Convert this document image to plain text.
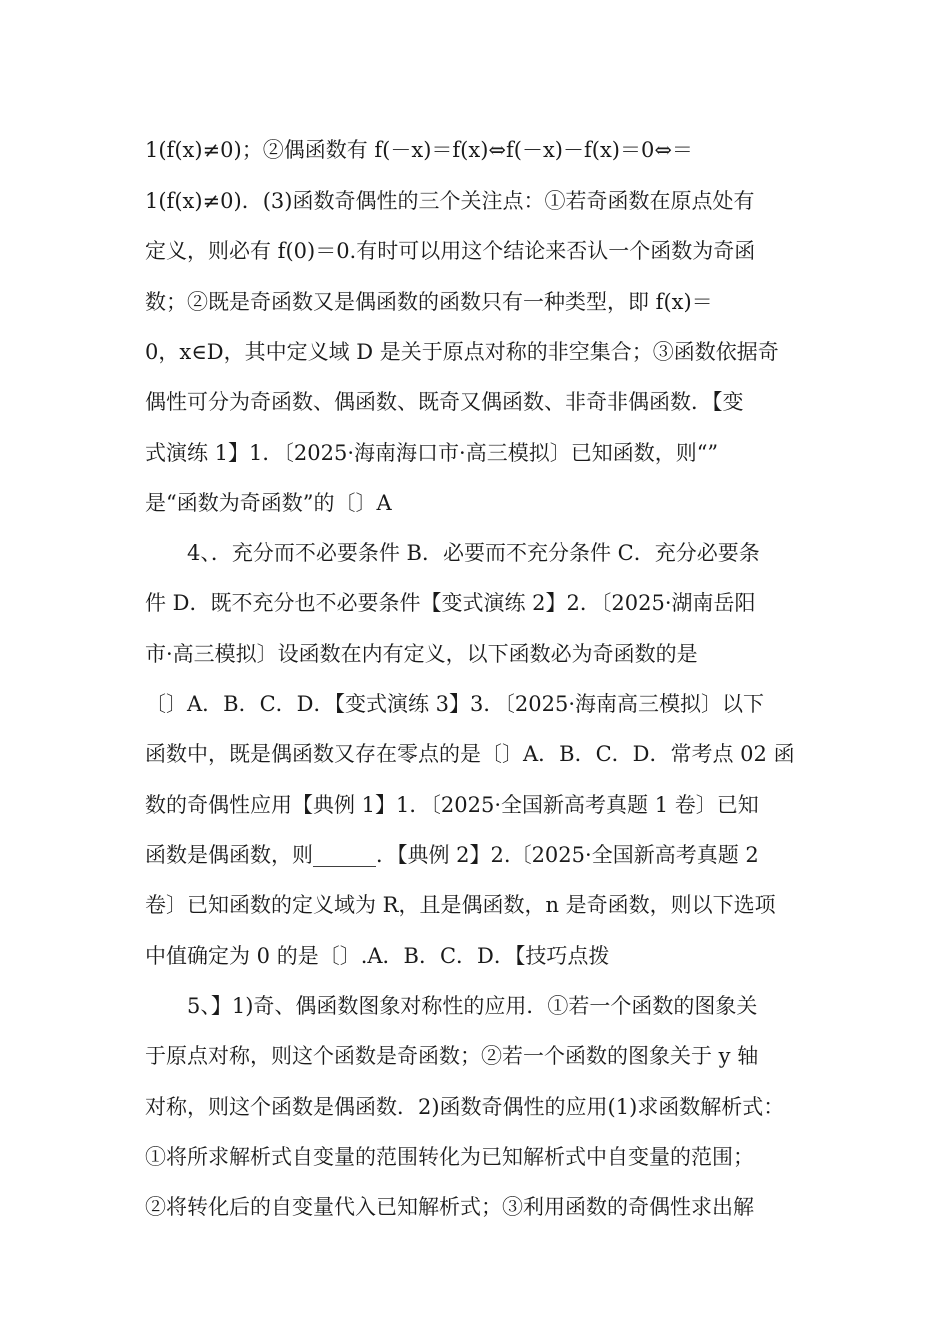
1(f(x)≠0)；②偶函数有 f(－x)＝f(x)⇔f(－x)－f(x)＝0⇔＝
1(f(x)≠0)．(3)函数奇偶性的三个关注点：①若奇函数在原点处有
定义，则必有 f(0)＝0.有时可以用这个结论来否认一个函数为奇函
数；②既是奇函数又是偶函数的函数只有一种类型，即 f(x)＝
0，x∈D，其中定义域 D 是关于原点对称的非空集合；③函数依据奇
偶性可分为奇函数、偶函数、既奇又偶函数、非奇非偶函数．【变
式演练 1】1．〔2025·海南海口市·高三模拟〕已知函数，则“”
是“函数为奇函数”的〔〕A
4、．充分而不必要条件 B．必要而不充分条件 C．充分必要条
件 D．既不充分也不必要条件【变式演练 2】2．〔2025·湖南岳阳
市·高三模拟〕设函数在内有定义，以下函数必为奇函数的是
〔〕A．B．C．D．【变式演练 3】3．〔2025·海南高三模拟〕以下
函数中，既是偶函数又存在零点的是〔〕A．B．C．D．常考点 02 函
数的奇偶性应用【典例 1】1．〔2025·全国新高考真题 1 卷〕已知
函数是偶函数，则______．【典例 2】2.〔2025·全国新高考真题 2
卷〕已知函数的定义域为 R，且是偶函数，n 是奇函数，则以下选项
中值确定为 0 的是〔〕.A．B．C．D．【技巧点拨
5、】1)奇、偶函数图象对称性的应用．①若一个函数的图象关
于原点对称，则这个函数是奇函数；②若一个函数的图象关于 y 轴
对称，则这个函数是偶函数．2)函数奇偶性的应用(1)求函数解析式：
①将所求解析式自变量的范围转化为已知解析式中自变量的范围；
②将转化后的自变量代入已知解析式；③利用函数的奇偶性求出解
